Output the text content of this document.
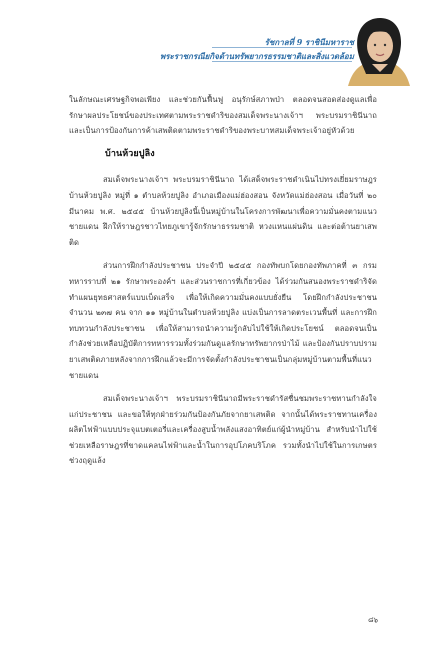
รัชกาลที่ 9 ราชินีมหาราช
พระราชกรณียกิจด้านทรัพยากรธรรมชาติและสิ่งแวดล้อม

ในลักษณะเศรษฐกิจพอเพียง และช่วยกันฟื้นฟู อนุรักษ์สภาพป่า ตลอดจนสอดส่องดูแลเพื่อรักษาผลประโยชน์ของประเทศตามพระราชดำริของสมเด็จพระนางเจ้าฯ พระบรมราชินีนาถ และเป็นการป้องกันการค้าเสพติดตามพระราชดำริของพระบาทสมเด็จพระเจ้าอยู่หัวด้วย

บ้านห้วยปูลิง

สมเด็จพระนางเจ้าฯ พระบรมราชินีนาถ ได้เสด็จพระราชดำเนินไปทรงเยี่ยมราษฎรบ้านห้วยปูลิง หมู่ที่ ๑ ตำบลห้วยปูลิง อำเภอเมืองแม่ฮ่องสอน จังหวัดแม่ฮ่องสอน เมื่อวันที่ ๒๐ มีนาคม พ.ศ. ๒๕๔๕ บ้านห้วยปูลิงนี้เป็นหมู่บ้านในโครงการพัฒนาเพื่อความมั่นคงตามแนวชายแดน ฝึกให้ราษฎรชาวไทยภูเขารู้จักรักษาธรรมชาติ หวงแหนแผ่นดิน และต่อต้านยาเสพติด

ส่วนการฝึกกำลังประชาชน ประจำปี ๒๕๔๕ กองทัพบกโดยกองทัพภาคที่ ๓ กรมทหารราบที่ ๒๑ รักษาพระองค์ฯ และส่วนราชการที่เกี่ยวข้อง ได้ร่วมกันสนองพระราชดำริจัดทำแผนยุทธศาสตร์แบบเบ็ดเสร็จ เพื่อให้เกิดความมั่นคงแบบยั่งยืน โดยฝึกกำลังประชาชนจำนวน ๒๓๗ คน จาก ๑๑ หมู่บ้านในตำบลห้วยปูลิง แบ่งเป็นการลาดตระเวนพื้นที่ และการฝึกทบทวนกำลังประชาชน เพื่อให้สามารถนำความรู้กลับไปใช้ให้เกิดประโยชน์ ตลอดจนเป็นกำลังช่วยเหลือปฏิบัติการทหารรวมทั้งร่วมกันดูแลรักษาทรัพยากรป่าไม้ และป้องกันปราบปรามยาเสพติดภายหลังจากการฝึกแล้วจะมีการจัดตั้งกำลังประชาชนเป็นกลุ่มหมู่บ้านตามพื้นที่แนวชายแดน

สมเด็จพระนางเจ้าฯ พระบรมราชินีนาถมีพระราชดำรัสชื่นชมพระราชทานกำลังใจแก่ประชาชน และขอให้ทุกฝ่ายร่วมกันป้องกันภัยจากยาเสพติด จากนั้นได้พระราชทานเครื่องผลิตไฟฟ้าแบบประจุแบตเตอรี่และเครื่องสูบน้ำพลังแสงอาทิตย์แก่ผู้นำหมู่บ้าน สำหรับนำไปใช้ช่วยเหลือราษฎรที่ขาดแคลนไฟฟ้าและน้ำในการอุปโภคบริโภค รวมทั้งนำไปใช้ในการเกษตรช่วงฤดูแล้ง

๘๖
